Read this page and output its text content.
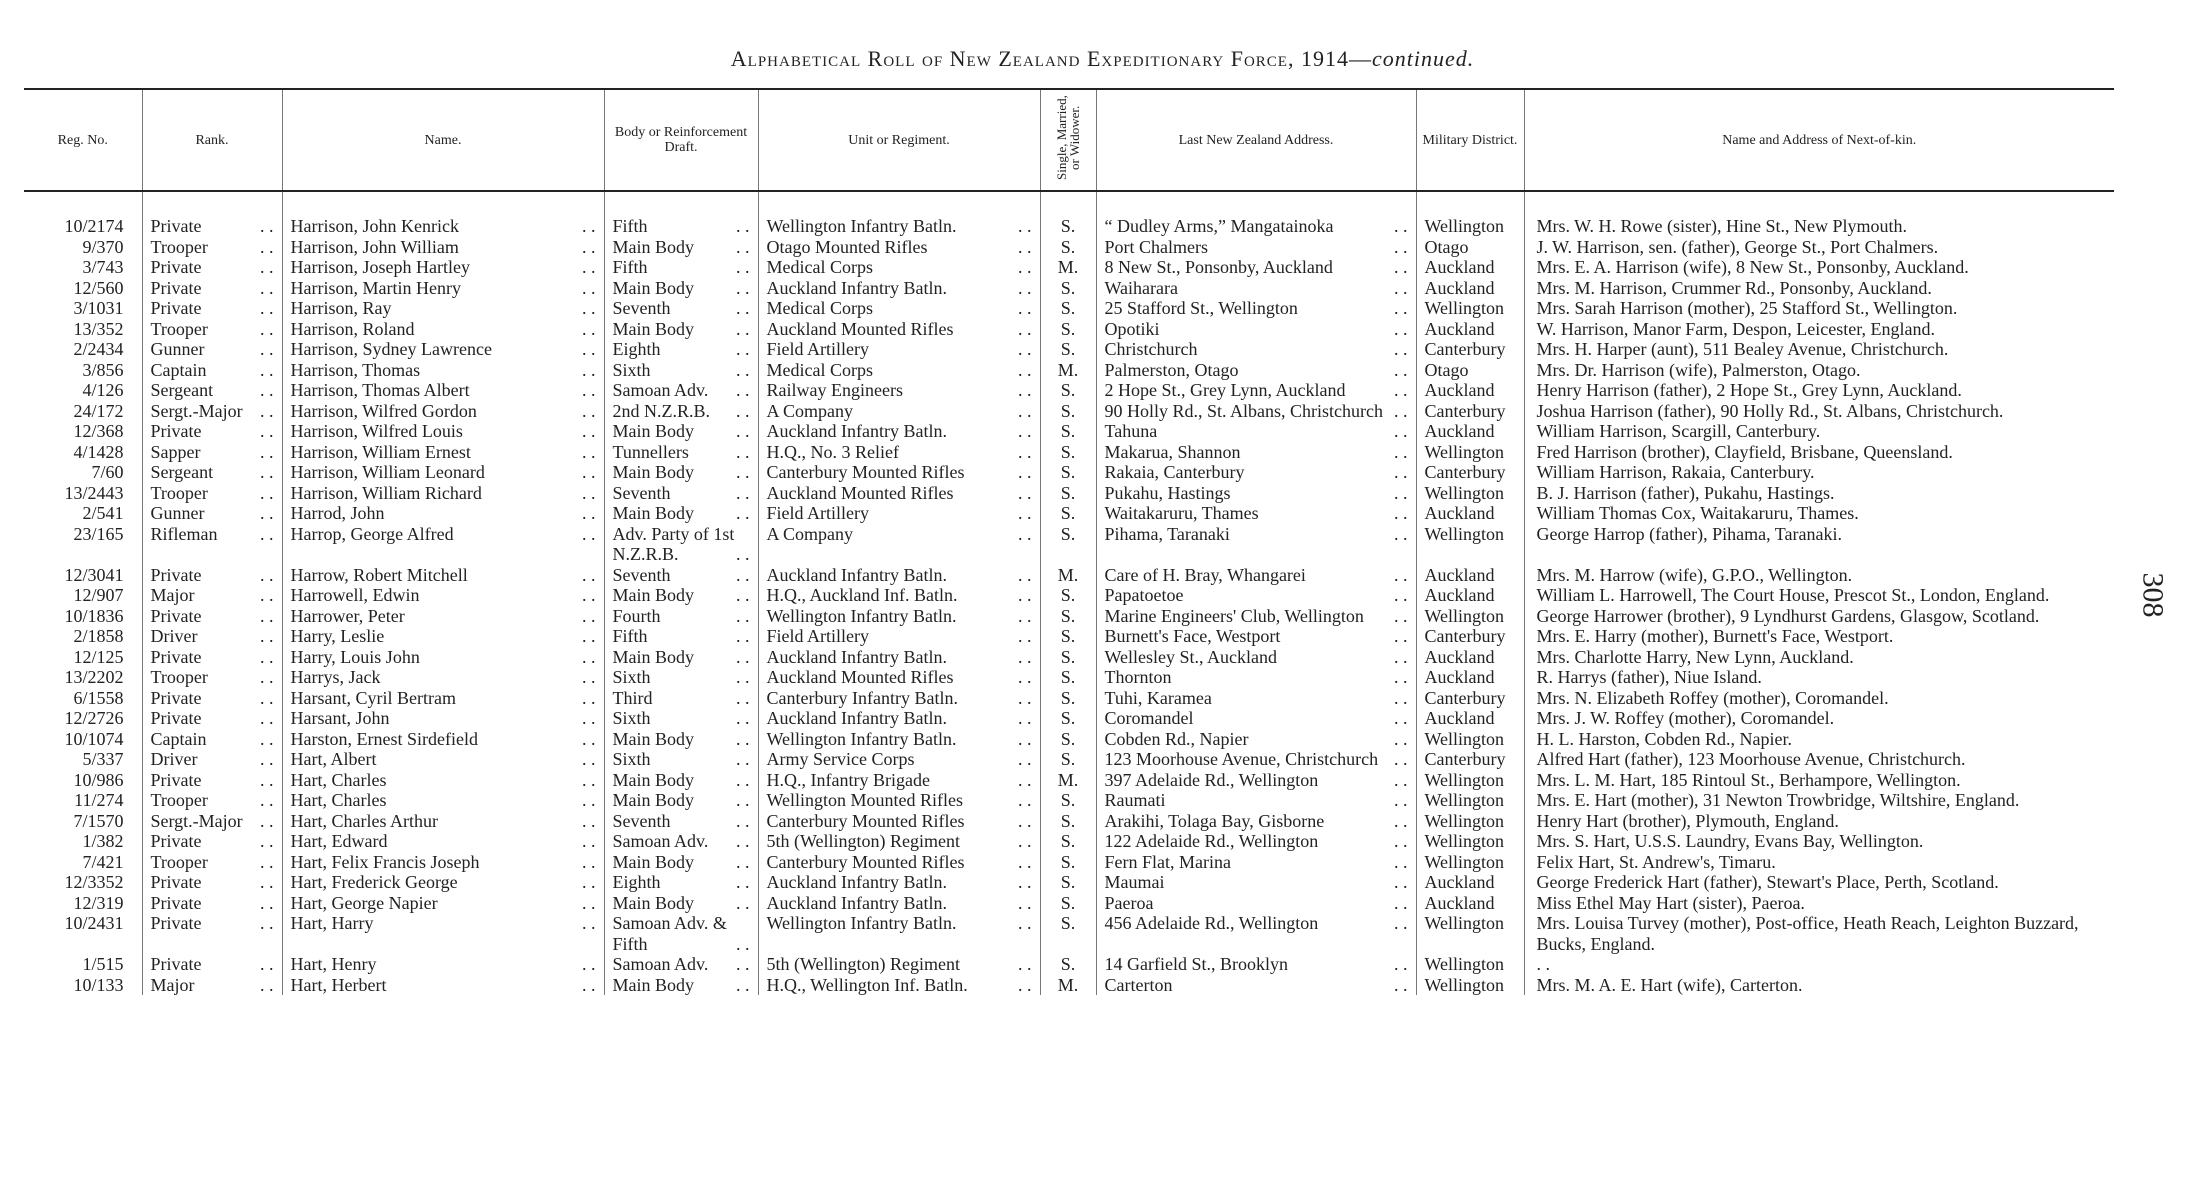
Alphabetical Roll of New Zealand Expeditionary Force, 1914—continued.
308
Reg. No.	Rank.	Name.	Body or Reinforcement Draft.	Unit or Regiment.	Single, Married, or Widower.	Last New Zealand Address.	Military District.	Name and Address of Next-of-kin.

10/2174	Private . .	Harrison, John Kenrick . .	Fifth . .	Wellington Infantry Batln. . .	S.	“ Dudley Arms,” Mangatainoka . .	Wellington	Mrs. W. H. Rowe (sister), Hine St., New Plymouth.
9/370	Trooper . .	Harrison, John William . .	Main Body . .	Otago Mounted Rifles . .	S.	Port Chalmers . .	Otago	J. W. Harrison, sen. (father), George St., Port Chalmers.
3/743	Private . .	Harrison, Joseph Hartley . .	Fifth . .	Medical Corps . .	M.	8 New St., Ponsonby, Auckland . .	Auckland	Mrs. E. A. Harrison (wife), 8 New St., Ponsonby, Auckland.
12/560	Private . .	Harrison, Martin Henry . .	Main Body . .	Auckland Infantry Batln. . .	S.	Waiharara . .	Auckland	Mrs. M. Harrison, Crummer Rd., Ponsonby, Auckland.
3/1031	Private . .	Harrison, Ray . .	Seventh . .	Medical Corps . .	S.	25 Stafford St., Wellington . .	Wellington	Mrs. Sarah Harrison (mother), 25 Stafford St., Wellington.
13/352	Trooper . .	Harrison, Roland . .	Main Body . .	Auckland Mounted Rifles . .	S.	Opotiki . .	Auckland	W. Harrison, Manor Farm, Despon, Leicester, England.
2/2434	Gunner . .	Harrison, Sydney Lawrence . .	Eighth . .	Field Artillery . .	S.	Christchurch . .	Canterbury	Mrs. H. Harper (aunt), 511 Bealey Avenue, Christchurch.
3/856	Captain . .	Harrison, Thomas . .	Sixth . .	Medical Corps . .	M.	Palmerston, Otago . .	Otago	Mrs. Dr. Harrison (wife), Palmerston, Otago.
4/126	Sergeant . .	Harrison, Thomas Albert . .	Samoan Adv. . .	Railway Engineers . .	S.	2 Hope St., Grey Lynn, Auckland . .	Auckland	Henry Harrison (father), 2 Hope St., Grey Lynn, Auckland.
24/172	Sergt.-Major . .	Harrison, Wilfred Gordon . .	2nd N.Z.R.B. . .	A Company . .	S.	90 Holly Rd., St. Albans, Christchurch . .	Canterbury	Joshua Harrison (father), 90 Holly Rd., St. Albans, Christchurch.
12/368	Private . .	Harrison, Wilfred Louis . .	Main Body . .	Auckland Infantry Batln. . .	S.	Tahuna . .	Auckland	William Harrison, Scargill, Canterbury.
4/1428	Sapper . .	Harrison, William Ernest . .	Tunnellers . .	H.Q., No. 3 Relief . .	S.	Makarua, Shannon . .	Wellington	Fred Harrison (brother), Clayfield, Brisbane, Queensland.
7/60	Sergeant . .	Harrison, William Leonard . .	Main Body . .	Canterbury Mounted Rifles . .	S.	Rakaia, Canterbury . .	Canterbury	William Harrison, Rakaia, Canterbury.
13/2443	Trooper . .	Harrison, William Richard . .	Seventh . .	Auckland Mounted Rifles . .	S.	Pukahu, Hastings . .	Wellington	B. J. Harrison (father), Pukahu, Hastings.
2/541	Gunner . .	Harrod, John . .	Main Body . .	Field Artillery . .	S.	Waitakaruru, Thames . .	Auckland	William Thomas Cox, Waitakaruru, Thames.
23/165	Rifleman . .	Harrop, George Alfred . .	Adv. Party of 1st N.Z.R.B. . .	A Company . .	S.	Pihama, Taranaki . .	Wellington	George Harrop (father), Pihama, Taranaki.
12/3041	Private . .	Harrow, Robert Mitchell . .	Seventh . .	Auckland Infantry Batln. . .	M.	Care of H. Bray, Whangarei . .	Auckland	Mrs. M. Harrow (wife), G.P.O., Wellington.
12/907	Major . .	Harrowell, Edwin . .	Main Body . .	H.Q., Auckland Inf. Batln. . .	S.	Papatoetoe . .	Auckland	William L. Harrowell, The Court House, Prescot St., London, England.
10/1836	Private . .	Harrower, Peter . .	Fourth . .	Wellington Infantry Batln. . .	S.	Marine Engineers' Club, Wellington . .	Wellington	George Harrower (brother), 9 Lyndhurst Gardens, Glasgow, Scotland.
2/1858	Driver . .	Harry, Leslie . .	Fifth . .	Field Artillery . .	S.	Burnett's Face, Westport . .	Canterbury	Mrs. E. Harry (mother), Burnett's Face, Westport.
12/125	Private . .	Harry, Louis John . .	Main Body . .	Auckland Infantry Batln. . .	S.	Wellesley St., Auckland . .	Auckland	Mrs. Charlotte Harry, New Lynn, Auckland.
13/2202	Trooper . .	Harrys, Jack . .	Sixth . .	Auckland Mounted Rifles . .	S.	Thornton . .	Auckland	R. Harrys (father), Niue Island.
6/1558	Private . .	Harsant, Cyril Bertram . .	Third . .	Canterbury Infantry Batln. . .	S.	Tuhi, Karamea . .	Canterbury	Mrs. N. Elizabeth Roffey (mother), Coromandel.
12/2726	Private . .	Harsant, John . .	Sixth . .	Auckland Infantry Batln. . .	S.	Coromandel . .	Auckland	Mrs. J. W. Roffey (mother), Coromandel.
10/1074	Captain . .	Harston, Ernest Sirdefield . .	Main Body . .	Wellington Infantry Batln. . .	S.	Cobden Rd., Napier . .	Wellington	H. L. Harston, Cobden Rd., Napier.
5/337	Driver . .	Hart, Albert . .	Sixth . .	Army Service Corps . .	S.	123 Moorhouse Avenue, Christchurch . .	Canterbury	Alfred Hart (father), 123 Moorhouse Avenue, Christchurch.
10/986	Private . .	Hart, Charles . .	Main Body . .	H.Q., Infantry Brigade . .	M.	397 Adelaide Rd., Wellington . .	Wellington	Mrs. L. M. Hart, 185 Rintoul St., Berhampore, Wellington.
11/274	Trooper . .	Hart, Charles . .	Main Body . .	Wellington Mounted Rifles . .	S.	Raumati . .	Wellington	Mrs. E. Hart (mother), 31 Newton Trowbridge, Wiltshire, England.
7/1570	Sergt.-Major . .	Hart, Charles Arthur . .	Seventh . .	Canterbury Mounted Rifles . .	S.	Arakihi, Tolaga Bay, Gisborne . .	Wellington	Henry Hart (brother), Plymouth, England.
1/382	Private . .	Hart, Edward . .	Samoan Adv. . .	5th (Wellington) Regiment . .	S.	122 Adelaide Rd., Wellington . .	Wellington	Mrs. S. Hart, U.S.S. Laundry, Evans Bay, Wellington.
7/421	Trooper . .	Hart, Felix Francis Joseph . .	Main Body . .	Canterbury Mounted Rifles . .	S.	Fern Flat, Marina . .	Wellington	Felix Hart, St. Andrew's, Timaru.
12/3352	Private . .	Hart, Frederick George . .	Eighth . .	Auckland Infantry Batln. . .	S.	Maumai . .	Auckland	George Frederick Hart (father), Stewart's Place, Perth, Scotland.
12/319	Private . .	Hart, George Napier . .	Main Body . .	Auckland Infantry Batln. . .	S.	Paeroa . .	Auckland	Miss Ethel May Hart (sister), Paeroa.
10/2431	Private . .	Hart, Harry . .	Samoan Adv. & Fifth . .	Wellington Infantry Batln. . .	S.	456 Adelaide Rd., Wellington . .	Wellington	Mrs. Louisa Turvey (mother), Post-office, Heath Reach, Leighton Buzzard, Bucks, England.
1/515	Private . .	Hart, Henry . .	Samoan Adv. . .	5th (Wellington) Regiment . .	S.	14 Garfield St., Brooklyn . .	Wellington	. .
10/133	Major . .	Hart, Herbert . .	Main Body . .	H.Q., Wellington Inf. Batln. . .	M.	Carterton . .	Wellington	Mrs. M. A. E. Hart (wife), Carterton.
